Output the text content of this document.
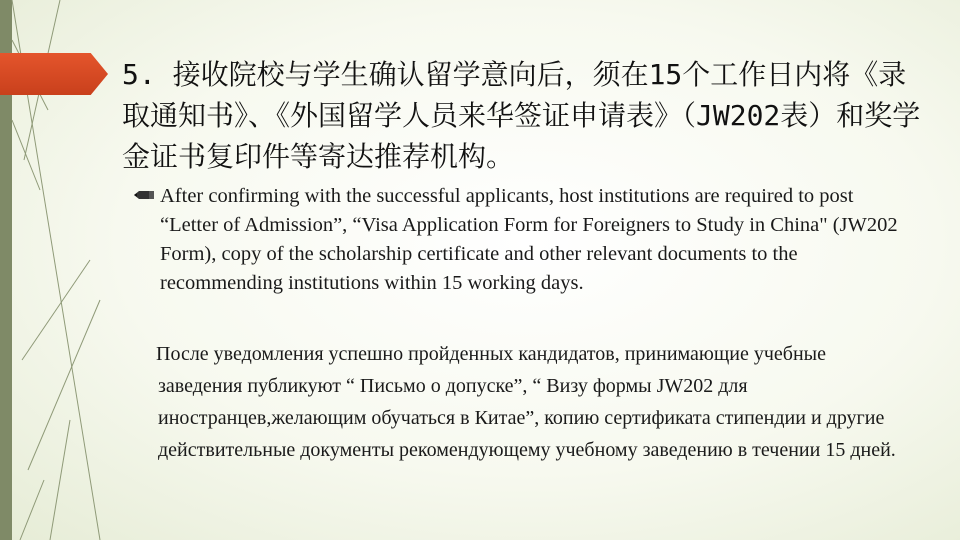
5. 接收院校与学生确认留学意向后，须在15个工作日内将《录取通知书》、《外国留学人员来华签证申请表》（JW202表）和奖学金证书复印件等寄达推荐机构。

After confirming with the successful applicants, host institutions are required to post “Letter of Admission”, “Visa Application Form for Foreigners to Study in China" (JW202 Form), copy of the scholarship certificate and other relevant documents to the recommending institutions within 15 working days.

После уведомления успешно пройденных кандидатов, принимающие учебные заведения публикуют “ Письмо о допуске”, “ Визу формы JW202 для иностранцев,желающим обучаться в Китае”, копию сертификата стипендии и другие действительные документы рекомендующему учебному заведению в течении 15 дней.
